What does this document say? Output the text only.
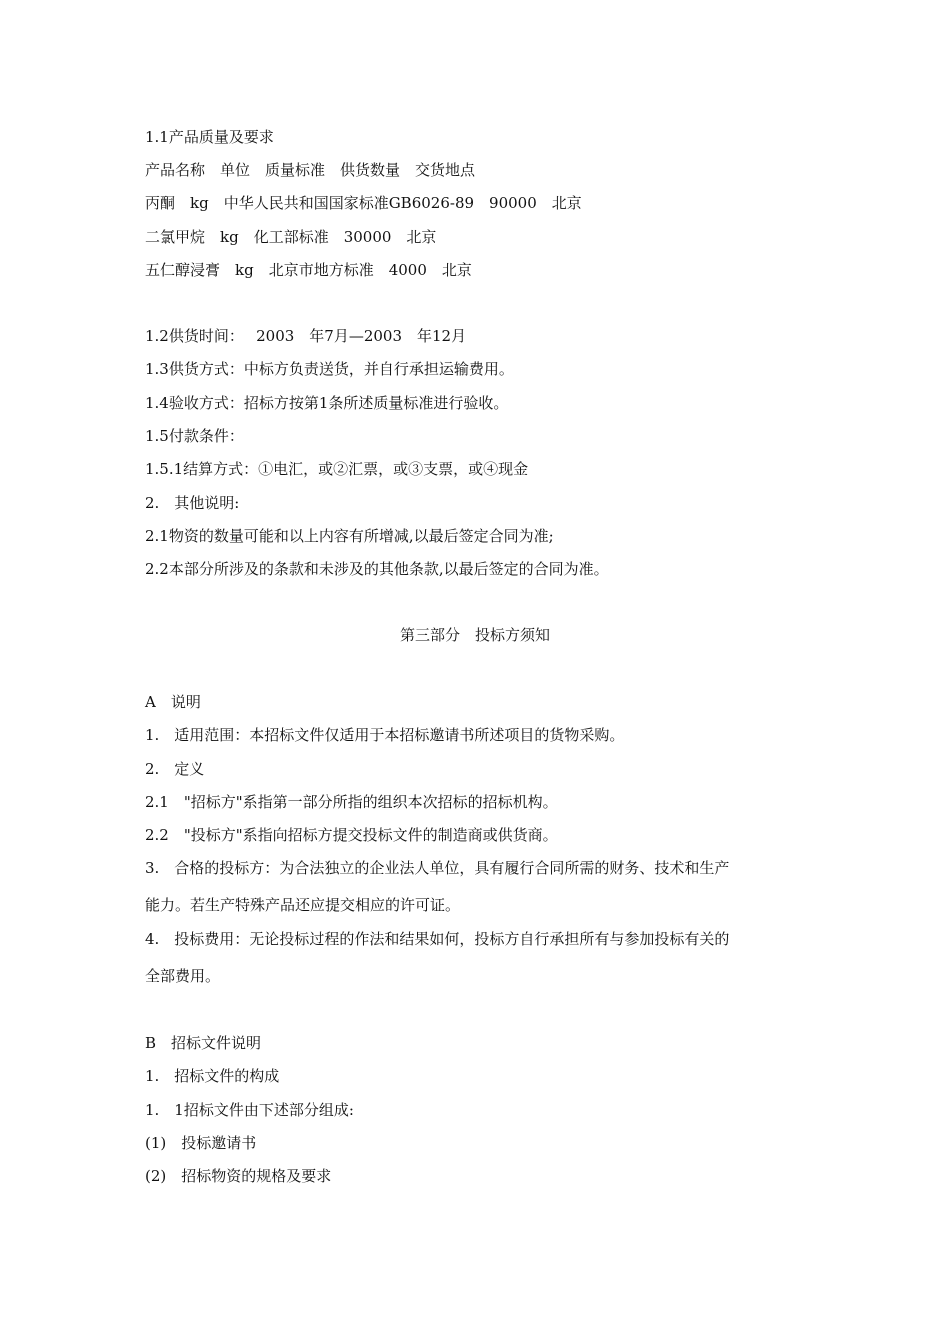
1.1产品质量及要求
产品名称　单位　质量标准　供货数量　交货地点
丙酮　kg　中华人民共和国国家标准GB6026-89　90000　北京
二氯甲烷　kg　化工部标准　30000　北京
五仁醇浸膏　kg　北京市地方标准　4000　北京
1.2供货时间：　 2003　年7月—2003　年12月
1.3供货方式：中标方负责送货，并自行承担运输费用。
1.4验收方式：招标方按第1条所述质量标准进行验收。
1.5付款条件：
1.5.1结算方式：①电汇，或②汇票，或③支票，或④现金
2.　其他说明:
2.1物资的数量可能和以上内容有所增减,以最后签定合同为准;
2.2本部分所涉及的条款和未涉及的其他条款,以最后签定的合同为准。
第三部分　投标方须知
A　说明
1.　适用范围：本招标文件仅适用于本招标邀请书所述项目的货物采购。
2.　定义
2.1　"招标方"系指第一部分所指的组织本次招标的招标机构。
2.2　"投标方"系指向招标方提交投标文件的制造商或供货商。
3.　合格的投标方：为合法独立的企业法人单位，具有履行合同所需的财务、技术和生产
能力。若生产特殊产品还应提交相应的许可证。
4.　投标费用：无论投标过程的作法和结果如何，投标方自行承担所有与参加投标有关的
全部费用。
B　招标文件说明
1.　招标文件的构成
1.　1招标文件由下述部分组成:
(1)　投标邀请书
(2)　招标物资的规格及要求
